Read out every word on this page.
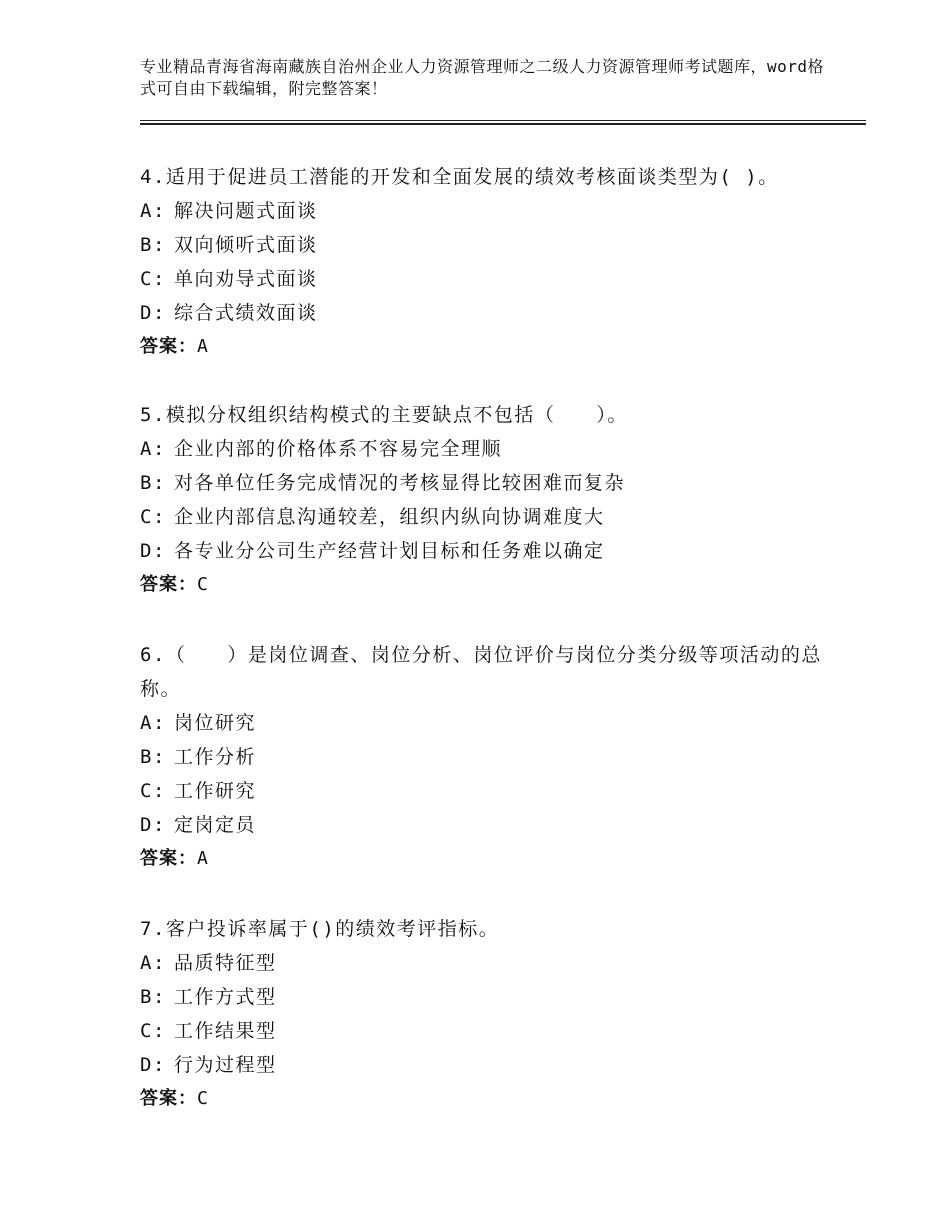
专业精品青海省海南藏族自治州企业人力资源管理师之二级人力资源管理师考试题库，word格式可自由下载编辑，附完整答案！
4.适用于促进员工潜能的开发和全面发展的绩效考核面谈类型为( )。
A: 解决问题式面谈
B: 双向倾听式面谈
C: 单向劝导式面谈
D: 综合式绩效面谈
答案：A
5.模拟分权组织结构模式的主要缺点不包括（　　）。
A: 企业内部的价格体系不容易完全理顺
B: 对各单位任务完成情况的考核显得比较困难而复杂
C: 企业内部信息沟通较差，组织内纵向协调难度大
D: 各专业分公司生产经营计划目标和任务难以确定
答案：C
6.（　　）是岗位调查、岗位分析、岗位评价与岗位分类分级等项活动的总称。
A: 岗位研究
B: 工作分析
C: 工作研究
D: 定岗定员
答案：A
7.客户投诉率属于()的绩效考评指标。
A: 品质特征型
B: 工作方式型
C: 工作结果型
D: 行为过程型
答案：C
